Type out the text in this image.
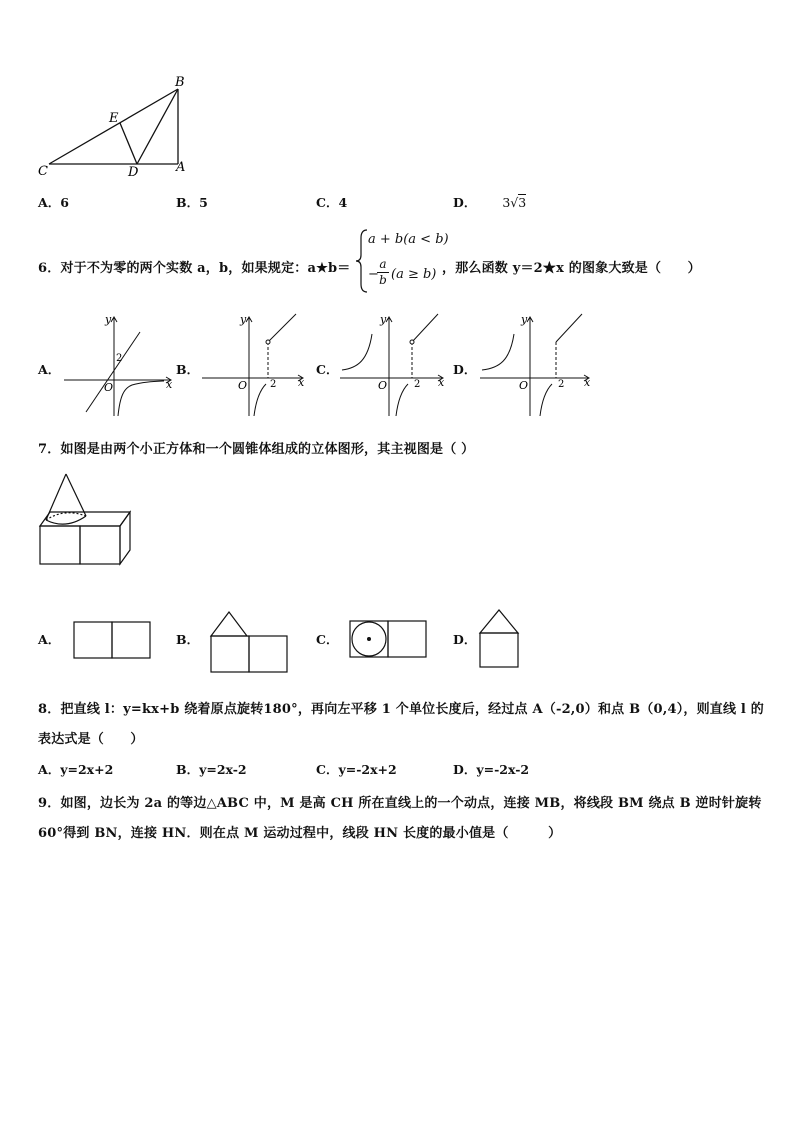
B
E
C	D	A
A．6	B．5	C．4	D． 3√3
6．对于不为零的两个实数 a，b，如果规定：a★b＝
a + b(a < b)
−
$\frac{a}{b} (a \ge b)$ ，那么函数 y＝2★x 的图象大致是（　　）
A．	B．	C．	D．
y
x
O
2
y
x
O 2
y
x
O	2
y
x
O	2
7．如图是由两个小正方体和一个圆锥体组成的立体图形，其主视图是（ ）
A．	B．	C．	D．
8．把直线 l：y=kx+b 绕着原点旋转180°，再向左平移 1 个单位长度后，经过点 A（-2,0）和点 B（0,4），则直线 l 的
表达式是（　　）
A．y=2x+2	B．y=2x-2	C．y=-2x+2	D．y=-2x-2
9．如图，边长为 2a 的等边△ABC 中，M 是高 CH 所在直线上的一个动点，连接 MB，将线段 BM 绕点 B 逆时针旋转
60°得到 BN，连接 HN．则在点 M 运动过程中，线段 HN 长度的最小值是（　　　）
